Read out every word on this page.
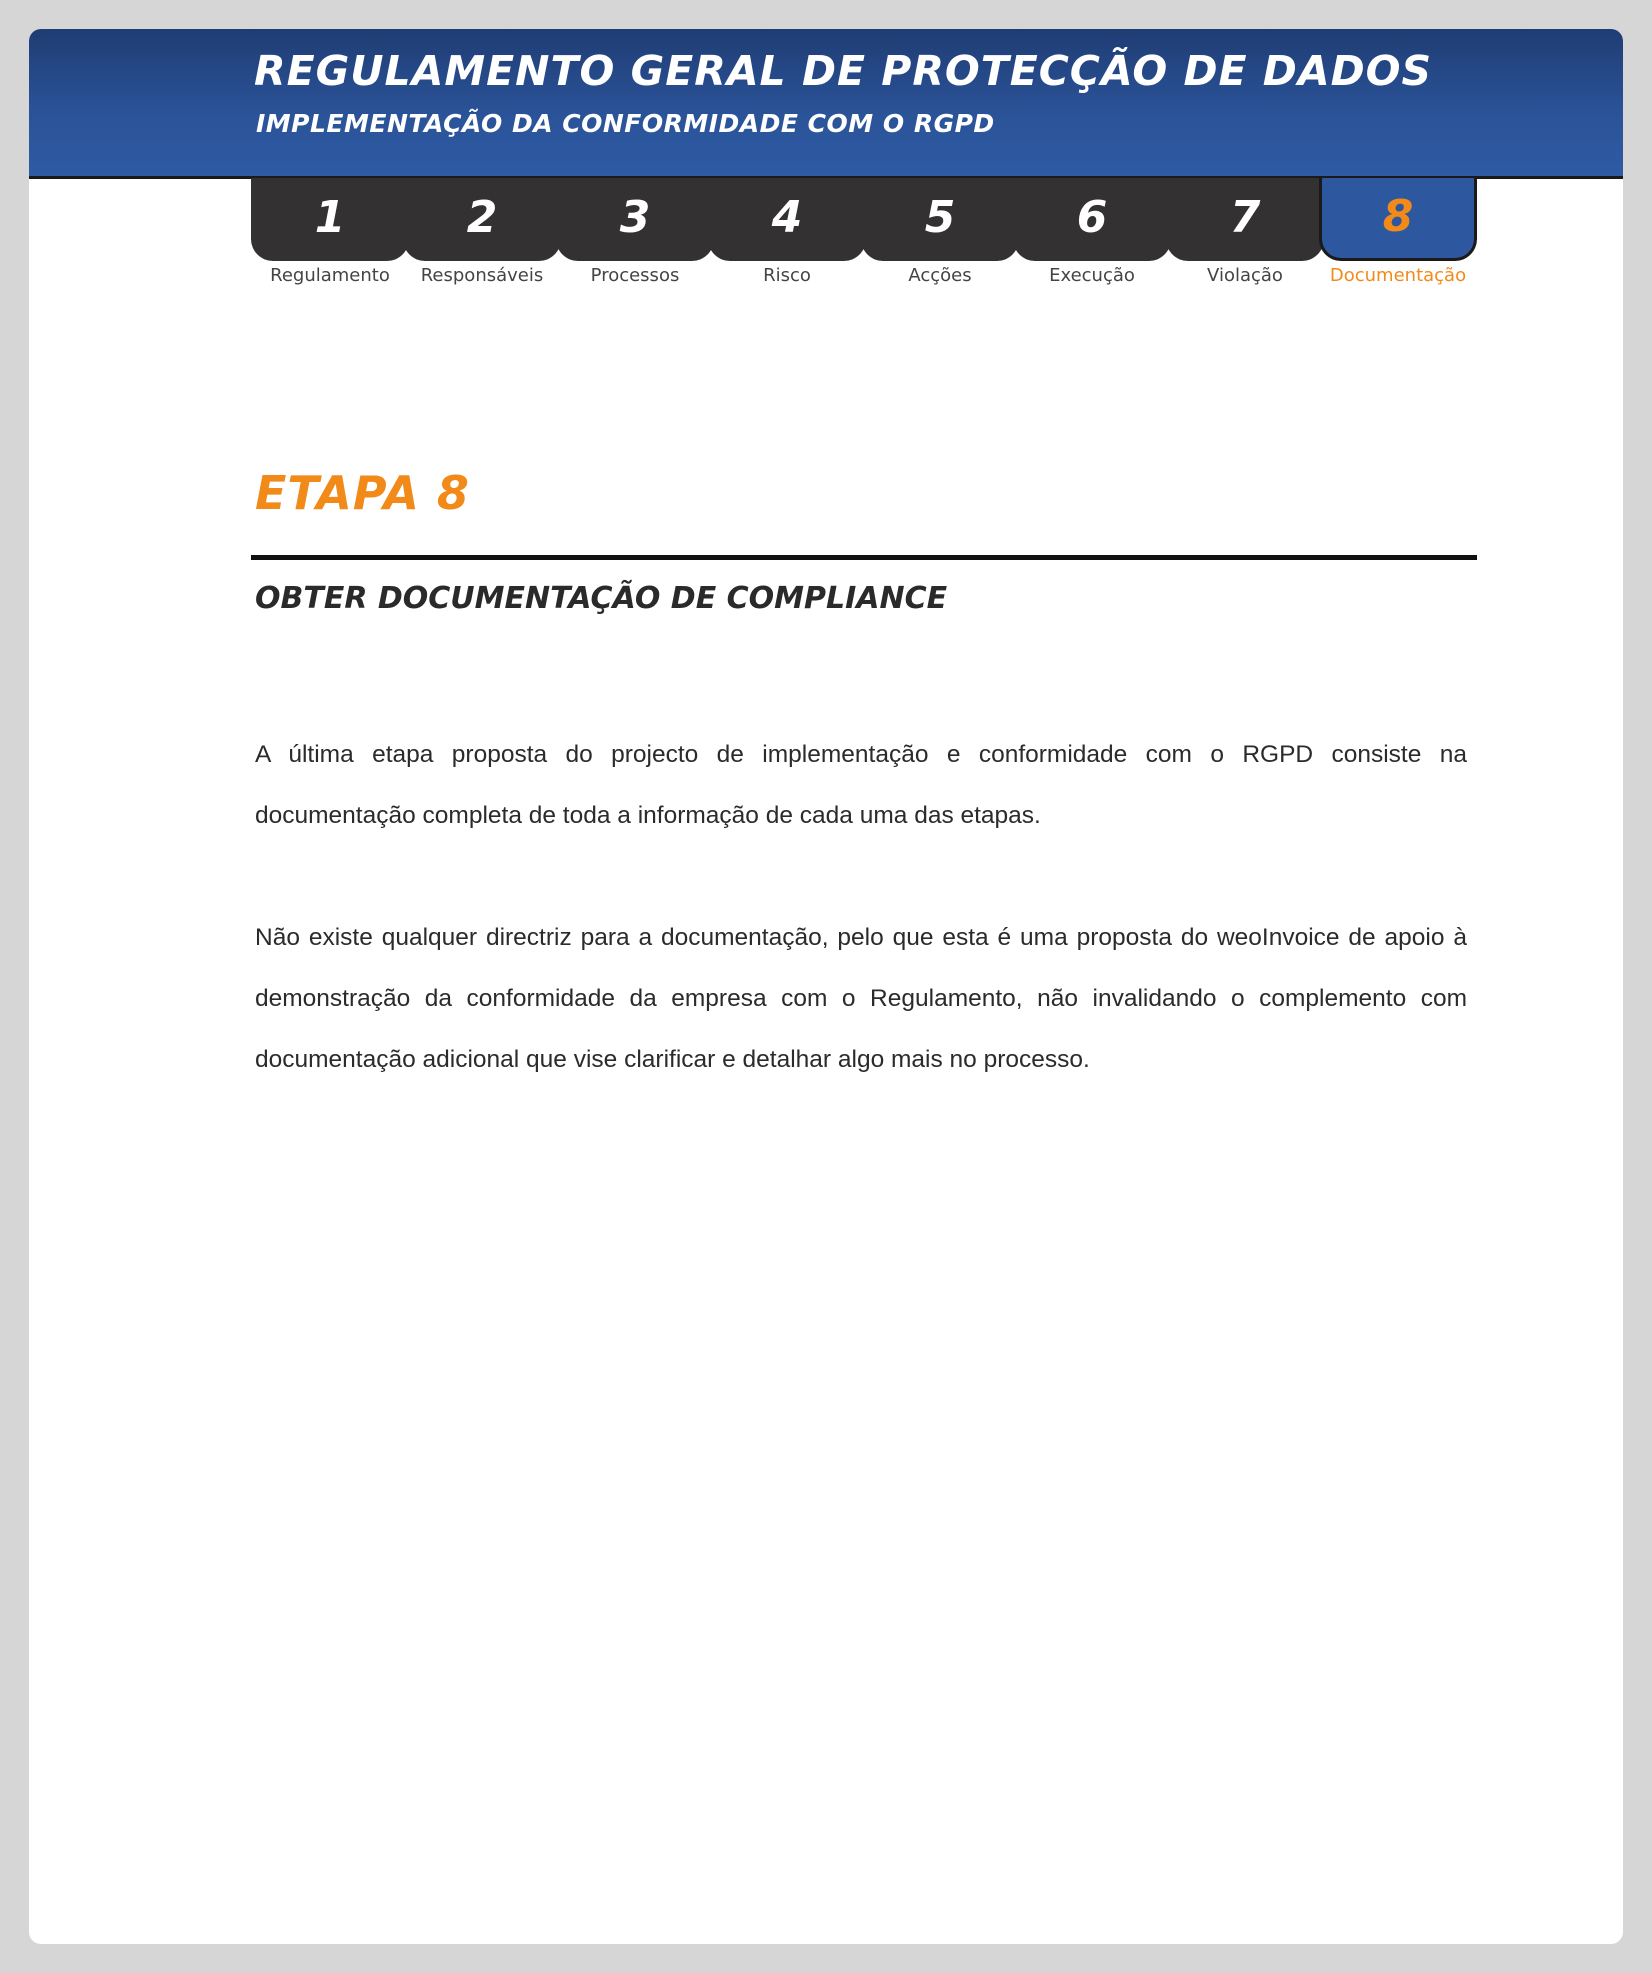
REGULAMENTO GERAL DE PROTECÇÃO DE DADOS
IMPLEMENTAÇÃO DA CONFORMIDADE COM O RGPD
1	2	3	4	5	6	7	8
Regulamento	Responsáveis	Processos	Risco	Acções	Execução	Violação	Documentação
ETAPA 8
OBTER DOCUMENTAÇÃO DE COMPLIANCE

A última etapa proposta do projecto de implementação e conformidade com o RGPD consiste na documentação completa de toda a informação de cada uma das etapas.

Não existe qualquer directriz para a documentação, pelo que esta é uma proposta do weoInvoice de apoio à demonstração da conformidade da empresa com o Regulamento, não invalidando o complemento com documentação adicional que vise clarificar e detalhar algo mais no processo.
